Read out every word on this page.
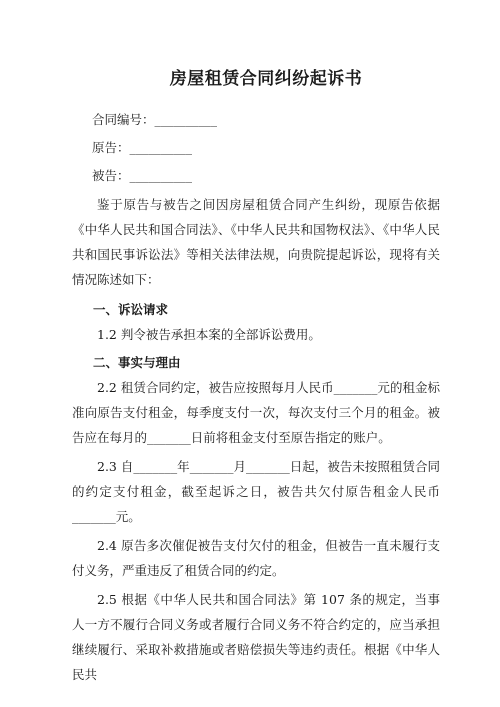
房屋租赁合同纠纷起诉书
合同编号：__________
原告：__________
被告：__________

鉴于原告与被告之间因房屋租赁合同产生纠纷，现原告依据《中华人民共和国合同法》、《中华人民共和国物权法》、《中华人民共和国民事诉讼法》等相关法律法规，向贵院提起诉讼，现将有关情况陈述如下：

一、诉讼请求

1.2 判令被告承担本案的全部诉讼费用。

二、事实与理由

2.2 租赁合同约定，被告应按照每月人民币_______元的租金标准向原告支付租金，每季度支付一次，每次支付三个月的租金。被告应在每月的_______日前将租金支付至原告指定的账户。

2.3 自_______年_______月_______日起，被告未按照租赁合同的约定支付租金，截至起诉之日，被告共欠付原告租金人民币_______元。

2.4 原告多次催促被告支付欠付的租金，但被告一直未履行支付义务，严重违反了租赁合同的约定。

2.5 根据《中华人民共和国合同法》第 107 条的规定，当事人一方不履行合同义务或者履行合同义务不符合约定的，应当承担继续履行、采取补救措施或者赔偿损失等违约责任。根据《中华人民共
